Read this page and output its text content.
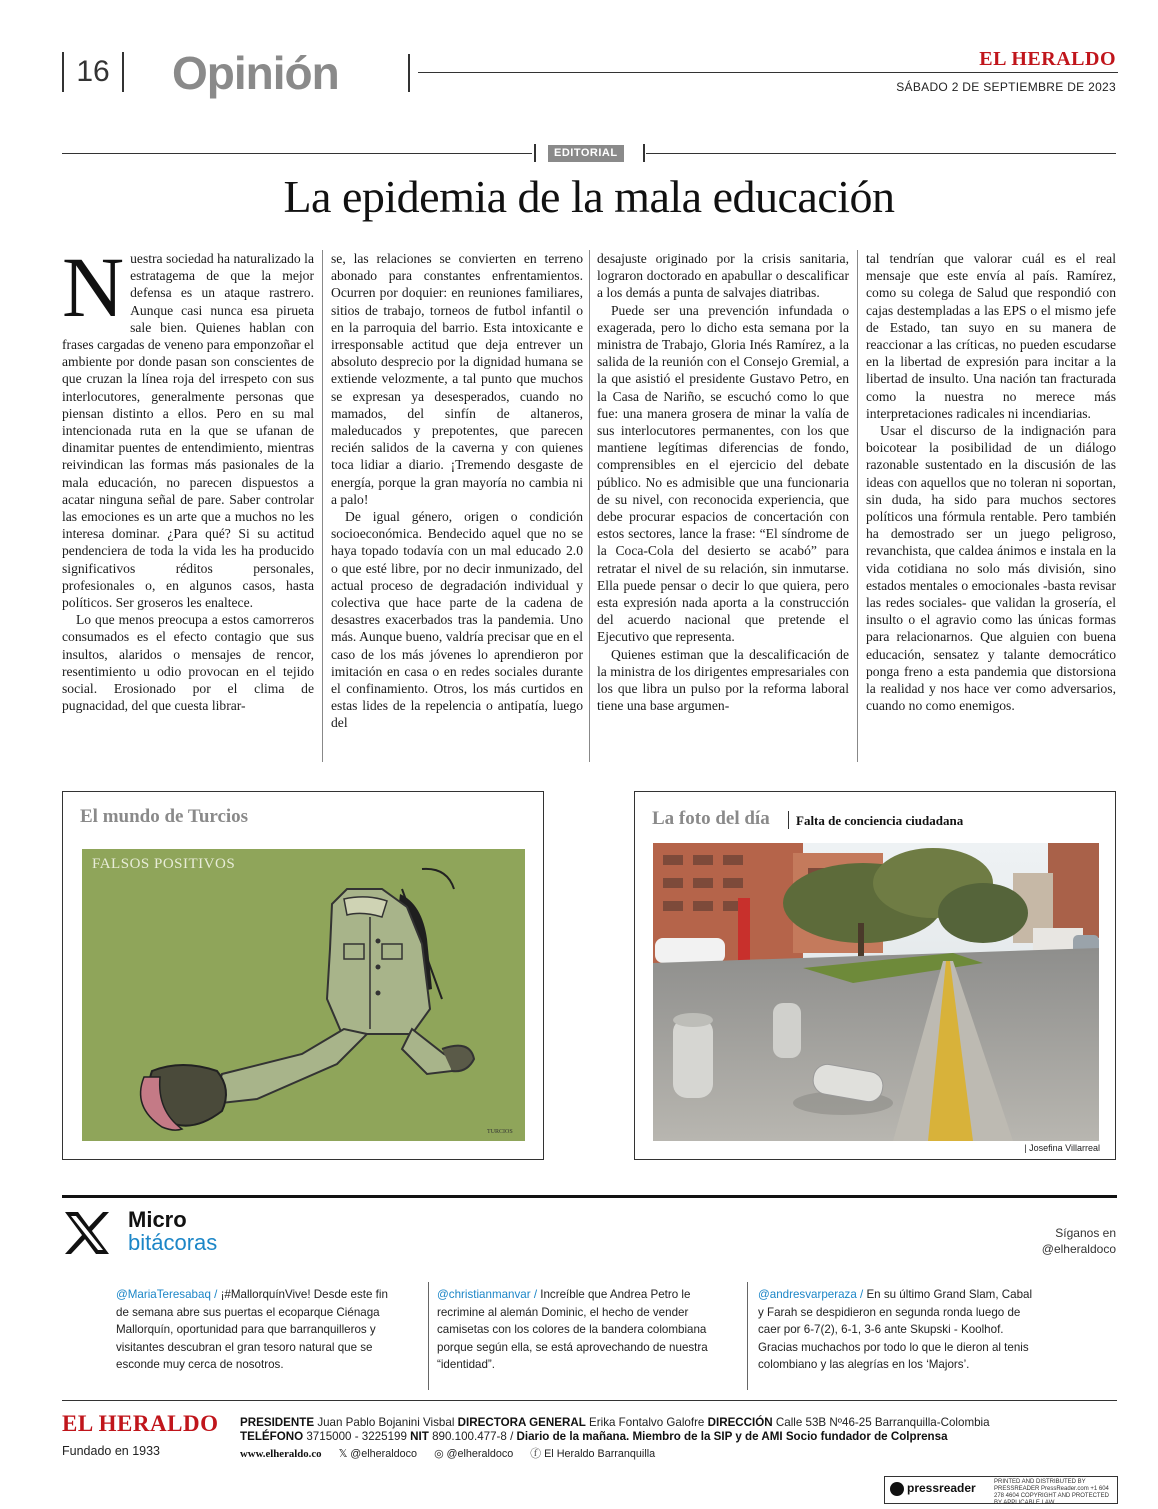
16	Opinión	EL HERALDO
SÁBADO 2 DE SEPTIEMBRE DE 2023
EDITORIAL
La epidemia de la mala educación
N uestra sociedad ha naturalizado la estratagema de que la mejor defensa es un ataque rastrero. Aunque casi nunca esa pirueta sale bien. Quienes hablan con frases cargadas de veneno para emponzoñar el ambiente por donde pasan son conscientes de que cruzan la línea roja del irrespeto con sus interlocutores, generalmente personas que piensan distinto a ellos. Pero en su mal intencionada ruta en la que se ufanan de dinamitar puentes de entendimiento, mientras reivindican las formas más pasionales de la mala educación, no parecen dispuestos a acatar ninguna señal de pare. Saber controlar las emociones es un arte que a muchos no les interesa dominar. ¿Para qué? Si su actitud pendenciera de toda la vida les ha producido significativos réditos personales, profesionales o, en algunos casos, hasta políticos. Ser groseros les enaltece.

Lo que menos preocupa a estos camorreros consumados es el efecto contagio que sus insultos, alaridos o mensajes de rencor, resentimiento u odio provocan en el tejido social. Erosionado por el clima de pugnacidad, del que cuesta librar-

se, las relaciones se convierten en terreno abonado para constantes enfrentamientos. Ocurren por doquier: en reuniones familiares, sitios de trabajo, torneos de futbol infantil o en la parroquia del barrio. Esta intoxicante e irresponsable actitud que deja entrever un absoluto desprecio por la dignidad humana se extiende velozmente, a tal punto que muchos se expresan ya desesperados, cuando no mamados, del sinfín de altaneros, maleducados y prepotentes, que parecen recién salidos de la caverna y con quienes toca lidiar a diario. ¡Tremendo desgaste de energía, porque la gran mayoría no cambia ni a palo!

De igual género, origen o condición socioeconómica. Bendecido aquel que no se haya topado todavía con un mal educado 2.0 o que esté libre, por no decir inmunizado, del actual proceso de degradación individual y colectiva que hace parte de la cadena de desastres exacerbados tras la pandemia. Uno más. Aunque bueno, valdría precisar que en el caso de los más jóvenes lo aprendieron por imitación en casa o en redes sociales durante el confinamiento. Otros, los más curtidos en estas lides de la repelencia o antipatía, luego del

desajuste originado por la crisis sanitaria, lograron doctorado en apabullar o descalificar a los demás a punta de salvajes diatribas.

Puede ser una prevención infundada o exagerada, pero lo dicho esta semana por la ministra de Trabajo, Gloria Inés Ramírez, a la salida de la reunión con el Consejo Gremial, a la que asistió el presidente Gustavo Petro, en la Casa de Nariño, se escuchó como lo que fue: una manera grosera de minar la valía de sus interlocutores permanentes, con los que mantiene legítimas diferencias de fondo, comprensibles en el ejercicio del debate público. No es admisible que una funcionaria de su nivel, con reconocida experiencia, que debe procurar espacios de concertación con estos sectores, lance la frase: “El síndrome de la Coca-Cola del desierto se acabó” para retratar el nivel de su relación, sin inmutarse. Ella puede pensar o decir lo que quiera, pero esta expresión nada aporta a la construcción del acuerdo nacional que pretende el Ejecutivo que representa.

Quienes estiman que la descalificación de la ministra de los dirigentes empresariales con los que libra un pulso por la reforma laboral tiene una base argumen-

tal tendrían que valorar cuál es el real mensaje que este envía al país. Ramírez, como su colega de Salud que respondió con cajas destempladas a las EPS o el mismo jefe de Estado, tan suyo en su manera de reaccionar a las críticas, no pueden escudarse en la libertad de expresión para incitar a la libertad de insulto. Una nación tan fracturada como la nuestra no merece más interpretaciones radicales ni incendiarias.

Usar el discurso de la indignación para boicotear la posibilidad de un diálogo razonable sustentado en la discusión de las ideas con aquellos que no toleran ni soportan, sin duda, ha sido para muchos sectores políticos una fórmula rentable. Pero también ha demostrado ser un juego peligroso, revanchista, que caldea ánimos e instala en la vida cotidiana no solo más división, sino estados mentales o emocionales -basta revisar las redes sociales- que validan la grosería, el insulto o el agravio como las únicas formas para relacionarnos. Que alguien con buena educación, sensatez y talante democrático ponga freno a esta pandemia que distorsiona la realidad y nos hace ver como adversarios, cuando no como enemigos.

El mundo de Turcios
FALSOS POSITIVOS
TURCIOS
La foto del día Falta de conciencia ciudadana
| Josefina Villarreal
Micro
bitácoras	Síganos en
@elheraldoco
@MariaTeresabaq / ¡#MallorquínVive! Desde este fin de semana abre sus puertas el ecoparque Ciénaga Mallorquín, oportunidad para que barranquilleros y visitantes descubran el gran tesoro natural que se esconde muy cerca de nosotros.
@christianmanvar / Increíble que Andrea Petro le recrimine al alemán Dominic, el hecho de vender camisetas con los colores de la bandera colombiana porque según ella, se está aprovechando de nuestra “identidad”.
@andresvarperaza / En su último Grand Slam, Cabal y Farah se despidieron en segunda ronda luego de caer por 6-7(2), 6-1, 3-6 ante Skupski - Koolhof. Gracias muchachos por todo lo que le dieron al tenis colombiano y las alegrías en los ‘Majors’.
EL HERALDO
Fundado en 1933
PRESIDENTE Juan Pablo Bojanini Visbal DIRECTORA GENERAL Erika Fontalvo Galofre DIRECCIÓN Calle 53B Nº46-25 Barranquilla-Colombia
TELÉFONO 3715000 - 3225199 NIT 890.100.477-8 / Diario de la mañana. Miembro de la SIP y de AMI Socio fundador de Colprensa
www.elheraldo.co 𝕏 @elheraldoco ◎ @elheraldoco ⓕ El Heraldo Barranquilla
pressreader	PRINTED AND DISTRIBUTED BY PRESSREADER PressReader.com +1 604 278 4604 COPYRIGHT AND PROTECTED BY APPLICABLE LAW
